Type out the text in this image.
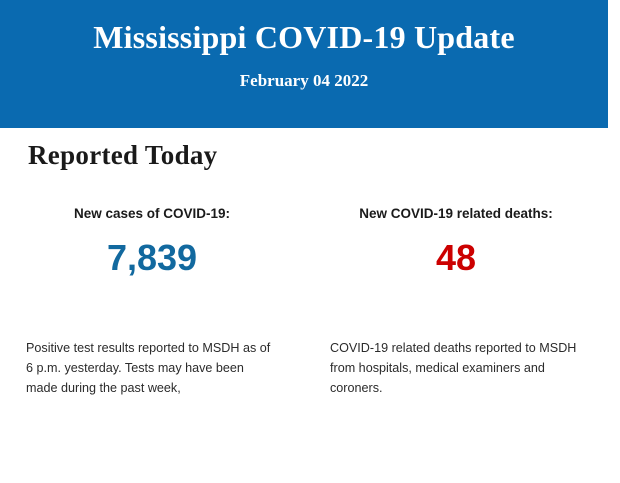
Mississippi COVID-19 Update
February 04 2022
Reported Today
New cases of COVID-19:
7,839
Positive test results reported to MSDH as of 6 p.m. yesterday. Tests may have been made during the past week,
New COVID-19 related deaths:
48
COVID-19 related deaths reported to MSDH from hospitals, medical examiners and coroners.
